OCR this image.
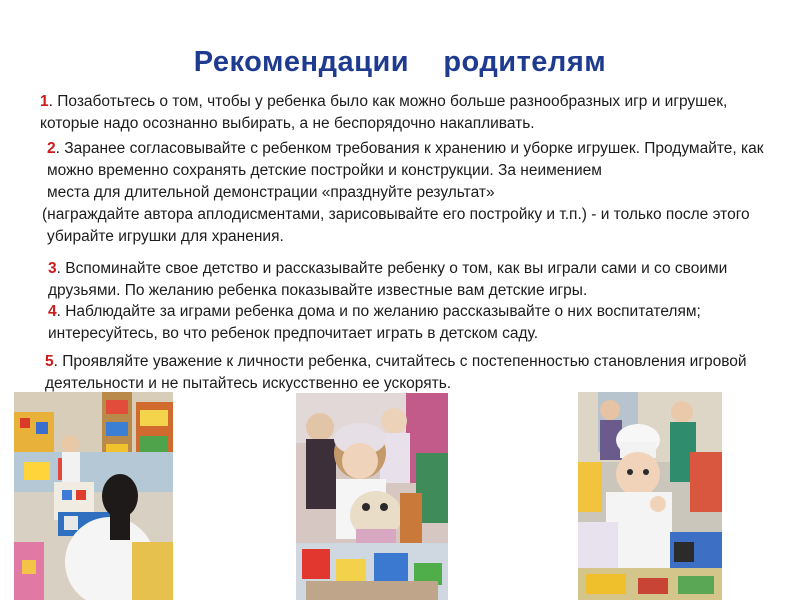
Рекомендации    родителям

1. Позаботьтесь о том, чтобы у ребенка было как можно больше разнообразных игр и игрушек,
которые надо осознанно выбирать, а не беспорядочно накапливать.

2. Заранее согласовывайте с ребенком требования к хранению и уборке игрушек. Продумайте, как
можно временно сохранять детские постройки и конструкции. За неимением
места для длительной демонстрации «празднуйте результат»
(награждайте автора аплодисментами, зарисовывайте его постройку и т.п.) - и только после этого
убирайте игрушки для хранения.

3. Вспоминайте свое детство и рассказывайте ребенку о том, как вы играли сами и со своими
друзьями. По желанию ребенка показывайте известные вам детские игры.

4. Наблюдайте за играми ребенка дома и по желанию рассказывайте о них воспитателям;
интересуйтесь, во что ребенок предпочитает играть в детском саду.

5. Проявляйте уважение к личности ребенка, считайтесь с постепенностью становления игровой
деятельности и не пытайтесь искусственно ее ускорять.
